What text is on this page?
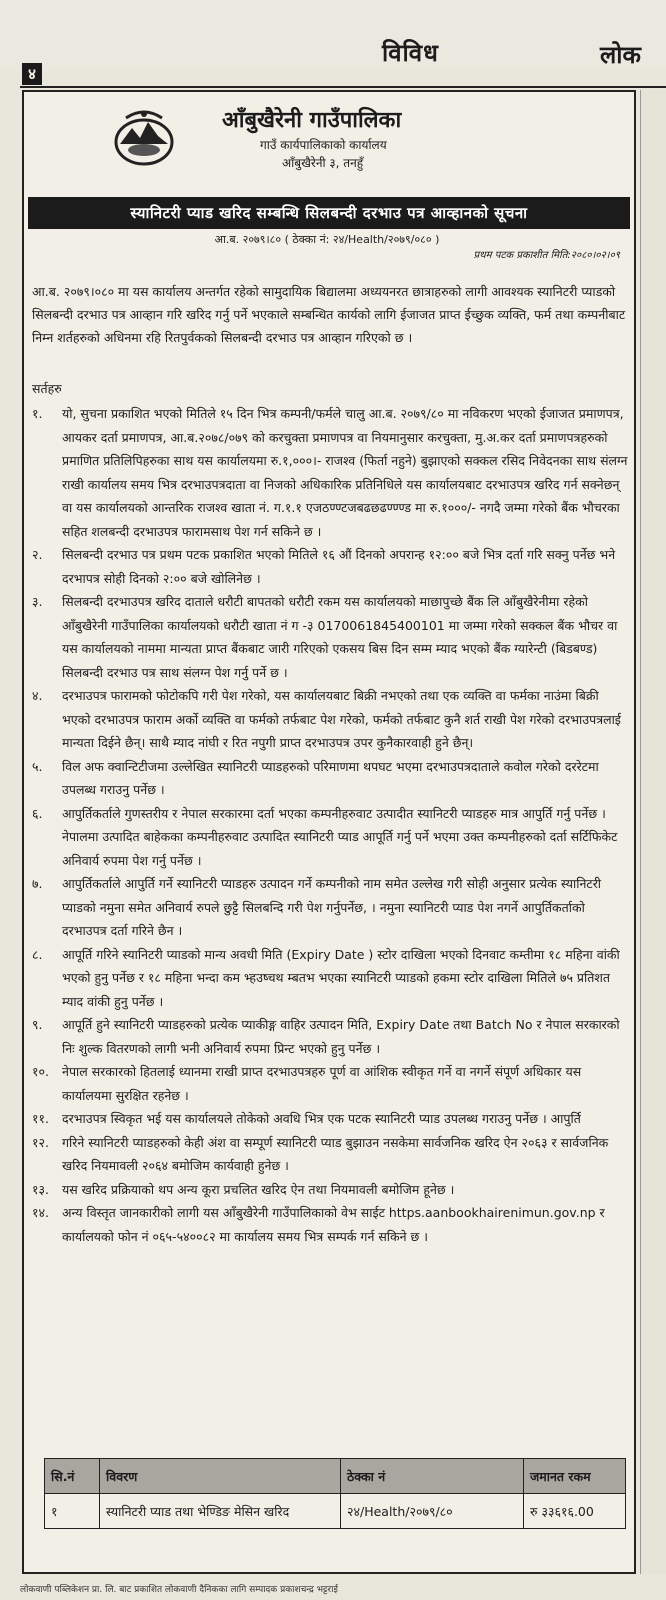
विविध	लोक
४
आँबुखैरेनी गाउँपालिका
गाउँ कार्यपालिकाको कार्यालय
आँबुखैरेनी ३, तनहुँ
स्यानिटरी प्याड खरिद सम्बन्धि सिलबन्दी दरभाउ पत्र आव्हानको सूचना
आ.ब. २०७९।८० ( ठेक्का नं: २४/Health/२०७९/०८० )
प्रथम पटक प्रकाशीत मिति:२०८०।०२।०९
आ.ब. २०७९।०८० मा यस कार्यालय अन्तर्गत रहेको सामुदायिक बिद्यालमा अध्ययनरत छात्राहरुको लागी आवश्यक स्यानिटरी प्याडको सिलबन्दी दरभाउ पत्र आव्हान गरि खरिद गर्नु पर्ने भएकाले सम्बन्धित कार्यको लागि ईजाजत प्राप्त ईच्छुक व्यक्ति, फर्म तथा कम्पनीबाट निम्न शर्तहरुको अधिनमा रहि रितपुर्वकको सिलबन्दी दरभाउ पत्र आव्हान गरिएको छ ।
सर्तहरु
१. यो, सुचना प्रकाशित भएको मितिले १५ दिन भित्र कम्पनी/फर्मले चालु आ.ब. २०७९/८० मा नविकरण भएको ईजाजत प्रमाणपत्र, आयकर दर्ता प्रमाणपत्र, आ.ब.२०७८/०७९ को करचुक्ता प्रमाणपत्र वा नियमानुसार करचुक्ता, मु.अ.कर दर्ता प्रमाणपत्रहरुको प्रमाणित प्रतिलिपिहरुका साथ यस कार्यालयमा रु.१,०००।- राजश्व (फिर्ता नहुने) बुझाएको सक्कल रसिद निवेदनका साथ संलग्न राखी कार्यालय समय भित्र दरभाउपत्रदाता वा निजको अधिकारिक प्रतिनिधिले यस कार्यालयबाट दरभाउपत्र खरिद गर्न सक्नेछन् वा यस कार्यालयको आन्तरिक राजश्व खाता नं. ग.१.१ एजठण्ण्टजबढछढण्ण्ण्ड मा रु.१०००/- नगदै जम्मा गरेको बैंक भौचरका सहित शलबन्दी दरभाउपत्र फारामसाथ पेश गर्न सकिने छ ।
२. सिलबन्दी दरभाउ पत्र प्रथम पटक प्रकाशित भएको मितिले १६ औं दिनको अपरान्ह १२:०० बजे भित्र दर्ता गरि सक्नु पर्नेछ भने दरभापत्र सोही दिनको २:०० बजे खोलिनेछ ।
३. सिलबन्दी दरभाउपत्र खरिद दाताले धरौटी बापतको धरौटी रकम यस कार्यालयको माछापुच्छे बैंक लि आँबुखैरेनीमा रहेको आँबुखैरेनी गाउँपालिका कार्यालयको धरौटी खाता नं ग -३ 0170061845400101 मा जम्मा गरेको सक्कल बैंक भौचर वा यस कार्यालयको नाममा मान्यता प्राप्त बैंकबाट जारी गरिएको एकसय बिस दिन सम्म म्याद भएको बैंक ग्यारेन्टी (बिडबण्ड) सिलबन्दी दरभाउ पत्र साथ संलग्न पेश गर्नु पर्ने छ ।
४. दरभाउपत्र फारामको फोटोकपि गरी पेश गरेको, यस कार्यालयबाट बिक्री नभएको तथा एक व्यक्ति वा फर्मका नाउंमा बिक्री भएको दरभाउपत्र फाराम अर्को व्यक्ति वा फर्मको तर्फबाट पेश गरेको, फर्मको तर्फबाट कुनै शर्त राखी पेश गरेको दरभाउपत्रलाई मान्यता दिईने छैन्। साथै म्याद नांघी र रित नपुगी प्राप्त दरभाउपत्र उपर कुनैकारवाही हुने छैन्।
५. विल अफ क्वान्टिटीजमा उल्लेखित स्यानिटरी प्याडहरुको परिमाणमा थपघट भएमा दरभाउपत्रदाताले कवोल गरेको दररेटमा उपलब्ध गराउनु पर्नेछ ।
६. आपुर्तिकर्ताले गुणस्तरीय र नेपाल सरकारमा दर्ता भएका कम्पनीहरुवाट उत्पादीत स्यानिटरी प्याडहरु मात्र आपुर्ति गर्नु पर्नेछ । नेपालमा उत्पादित बाहेकका कम्पनीहरुवाट उत्पादित स्यानिटरी प्याड आपूर्ति गर्नु पर्ने भएमा उक्त कम्पनीहरुको दर्ता सर्टिफिकेट अनिवार्य रुपमा पेश गर्नु पर्नेछ ।
७. आपुर्तिकर्ताले आपुर्ति गर्ने स्यानिटरी प्याडहरु उत्पादन गर्ने कम्पनीको नाम समेत उल्लेख गरी सोही अनुसार प्रत्येक स्यानिटरी प्याडको नमुना समेत अनिवार्य रुपले छुट्टै सिलबन्दि गरी पेश गर्नुपर्नेछ, । नमुना स्यानिटरी प्याड पेश नगर्ने आपुर्तिकर्ताको दरभाउपत्र दर्ता गरिने छैन ।
८. आपूर्ति गरिने स्यानिटरी प्याडको मान्य अवधी मिति (Expiry Date ) स्टोर दाखिला भएको दिनवाट कम्तीमा १८ महिना वांकी भएको हुनु पर्नेछ र १८ महिना भन्दा कम भ्हउष्चथ म्बतभ भएका स्यानिटरी प्याडको हकमा स्टोर दाखिला मितिले ७५ प्रतिशत म्याद वांकी हुनु पर्नेछ ।
९. आपूर्ति हुने स्यानिटरी प्याडहरुको प्रत्येक प्याकीङ्ग वाहिर उत्पादन मिति, Expiry Date तथा Batch No र नेपाल सरकारको निः शुल्क वितरणको लागी भनी अनिवार्य रुपमा प्रिन्ट भएको हुनु पर्नेछ ।
१०. नेपाल सरकारको हितलाई ध्यानमा राखी प्राप्त दरभाउपत्रहरु पूर्ण वा आंशिक स्वीकृत गर्ने वा नगर्ने संपूर्ण अधिकार यस कार्यालयमा सुरक्षित रहनेछ ।
११. दरभाउपत्र स्विकृत भई यस कार्यालयले तोकेको अवधि भित्र एक पटक स्यानिटरी प्याड उपलब्ध गराउनु पर्नेछ । आपुर्ति
१२. गरिने स्यानिटरी प्याडहरुको केही अंश वा सम्पूर्ण स्यानिटरी प्याड बुझाउन नसकेमा सार्वजनिक खरिद ऐन २०६३ र सार्वजनिक खरिद नियमावली २०६४ बमोजिम कार्यवाही हुनेछ ।
१३. यस खरिद प्रक्रियाको थप अन्य कूरा प्रचलित खरिद ऐन तथा नियमावली बमोजिम हूनेछ ।
१४. अन्य विस्तृत जानकारीको लागी यस आँबुखैरेनी गाउँपालिकाको वेभ साईट https.aanbookhairenimun.gov.np र कार्यालयको फोन नं ०६५-५४००८२ मा कार्यालय समय भित्र सम्पर्क गर्न सकिने छ ।
सि.नं	विवरण	ठेक्का नं	जमानत रकम
१	स्यानिटरी प्याड तथा भेण्डिङ मेसिन खरिद	२४/Health/२०७९/८०	रु ३३६१६.00
लोकवाणी पब्लिकेशन प्रा. लि. बाट प्रकाशित लोकवाणी दैनिकका लागि सम्पादक प्रकाशचन्द्र भट्टराई
